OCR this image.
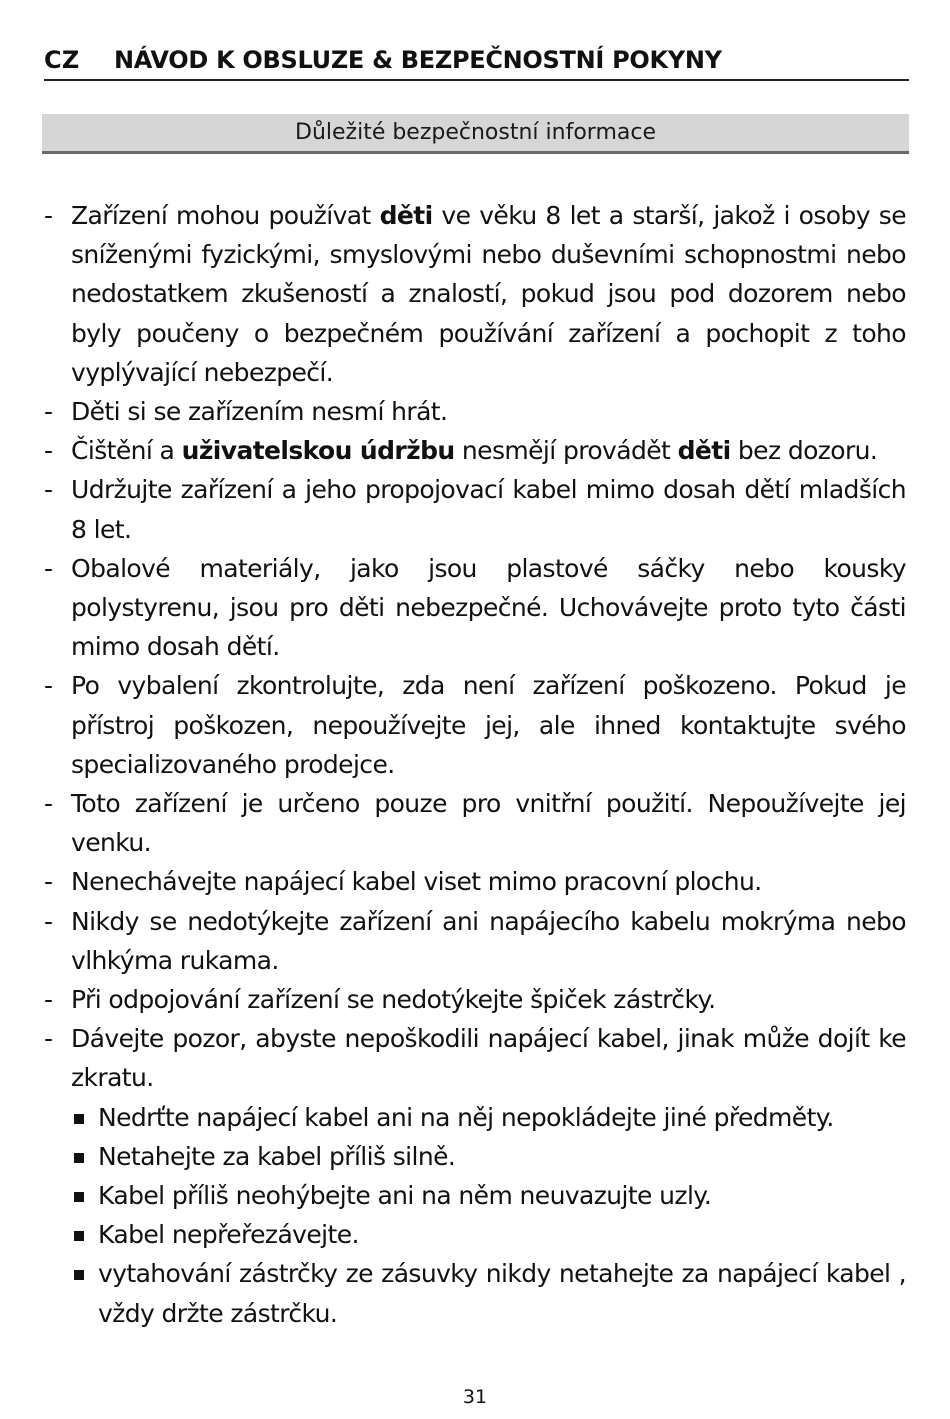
CZ NÁVOD K OBSLUZE & BEZPEČNOSTNÍ POKYNY
Důležité bezpečnostní informace
- Zařízení mohou používat děti ve věku 8 let a starší, jakož i osoby se sníženými fyzickými, smyslovými nebo duševními schopnostmi nebo nedostatkem zkušeností a znalostí, pokud jsou pod dozorem nebo byly poučeny o bezpečném používání zařízení a pochopit z toho vyplývající nebezpečí.
- Děti si se zařízením nesmí hrát.
- Čištění a uživatelskou údržbu nesmějí provádět děti bez dozoru.
- Udržujte zařízení a jeho propojovací kabel mimo dosah dětí mladších 8 let.
- Obalové materiály, jako jsou plastové sáčky nebo kousky polystyrenu, jsou pro děti nebezpečné. Uchovávejte proto tyto části mimo dosah dětí.
- Po vybalení zkontrolujte, zda není zařízení poškozeno. Pokud je přístroj poškozen, nepoužívejte jej, ale ihned kontaktujte svého specializovaného prodejce.
- Toto zařízení je určeno pouze pro vnitřní použití. Nepoužívejte jej venku.
- Nenechávejte napájecí kabel viset mimo pracovní plochu.
- Nikdy se nedotýkejte zařízení ani napájecího kabelu mokrýma nebo vlhkýma rukama.
- Při odpojování zařízení se nedotýkejte špiček zástrčky.
- Dávejte pozor, abyste nepoškodili napájecí kabel, jinak může dojít ke zkratu.
Nedrťte napájecí kabel ani na něj nepokládejte jiné předměty.
Netahejte za kabel příliš silně.
Kabel příliš neohýbejte ani na něm neuvazujte uzly.
Kabel nepřeřezávejte.
vytahování zástrčky ze zásuvky nikdy netahejte za napájecí kabel , vždy držte zástrčku.
31
